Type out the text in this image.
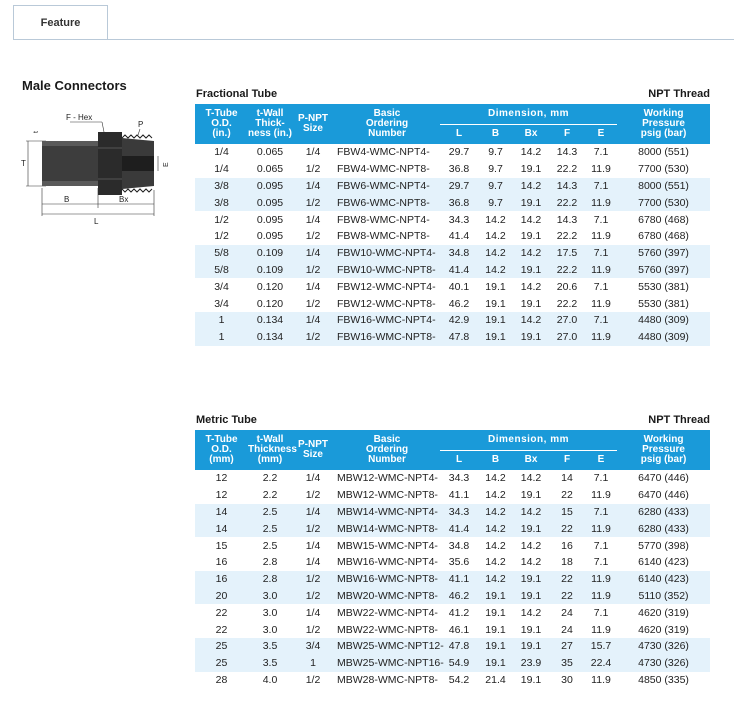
Feature
Male Connectors
F - Hex
P
t
T	E
B	Bx
L
Fractional Tube	NPT Thread
T-Tube
O.D.
(in.)	t-Wall
Thick-
ness (in.)	P-NPT
Size	Basic
Ordering
Number	Dimension, mm					Working
Pressure
psig (bar)
				L	B	Bx	F	E	
1/4	0.065	1/4	FBW4-WMC-NPT4-	29.7	9.7	14.2	14.3	7.1	8000 (551)
1/4	0.065	1/2	FBW4-WMC-NPT8-	36.8	9.7	19.1	22.2	11.9	7700 (530)
3/8	0.095	1/4	FBW6-WMC-NPT4-	29.7	9.7	14.2	14.3	7.1	8000 (551)
3/8	0.095	1/2	FBW6-WMC-NPT8-	36.8	9.7	19.1	22.2	11.9	7700 (530)
1/2	0.095	1/4	FBW8-WMC-NPT4-	34.3	14.2	14.2	14.3	7.1	6780 (468)
1/2	0.095	1/2	FBW8-WMC-NPT8-	41.4	14.2	19.1	22.2	11.9	6780 (468)
5/8	0.109	1/4	FBW10-WMC-NPT4-	34.8	14.2	14.2	17.5	7.1	5760 (397)
5/8	0.109	1/2	FBW10-WMC-NPT8-	41.4	14.2	19.1	22.2	11.9	5760 (397)
3/4	0.120	1/4	FBW12-WMC-NPT4-	40.1	19.1	14.2	20.6	7.1	5530 (381)
3/4	0.120	1/2	FBW12-WMC-NPT8-	46.2	19.1	19.1	22.2	11.9	5530 (381)
1	0.134	1/4	FBW16-WMC-NPT4-	42.9	19.1	14.2	27.0	7.1	4480 (309)
1	0.134	1/2	FBW16-WMC-NPT8-	47.8	19.1	19.1	27.0	11.9	4480 (309)
Metric Tube	NPT Thread
T-Tube
O.D.
(mm)	t-Wall
Thickness
(mm)	P-NPT
Size	Basic
Ordering
Number	Dimension, mm					Working
Pressure
psig (bar)
				L	B	Bx	F	E	
12	2.2	1/4	MBW12-WMC-NPT4-	34.3	14.2	14.2	14	7.1	6470 (446)
12	2.2	1/2	MBW12-WMC-NPT8-	41.1	14.2	19.1	22	11.9	6470 (446)
14	2.5	1/4	MBW14-WMC-NPT4-	34.3	14.2	14.2	15	7.1	6280 (433)
14	2.5	1/2	MBW14-WMC-NPT8-	41.4	14.2	19.1	22	11.9	6280 (433)
15	2.5	1/4	MBW15-WMC-NPT4-	34.8	14.2	14.2	16	7.1	5770 (398)
16	2.8	1/4	MBW16-WMC-NPT4-	35.6	14.2	14.2	18	7.1	6140 (423)
16	2.8	1/2	MBW16-WMC-NPT8-	41.1	14.2	19.1	22	11.9	6140 (423)
20	3.0	1/2	MBW20-WMC-NPT8-	46.2	19.1	19.1	22	11.9	5110 (352)
22	3.0	1/4	MBW22-WMC-NPT4-	41.2	19.1	14.2	24	7.1	4620 (319)
22	3.0	1/2	MBW22-WMC-NPT8-	46.1	19.1	19.1	24	11.9	4620 (319)
25	3.5	3/4	MBW25-WMC-NPT12-	47.8	19.1	19.1	27	15.7	4730 (326)
25	3.5	1	MBW25-WMC-NPT16-	54.9	19.1	23.9	35	22.4	4730 (326)
28	4.0	1/2	MBW28-WMC-NPT8-	54.2	21.4	19.1	30	11.9	4850 (335)
